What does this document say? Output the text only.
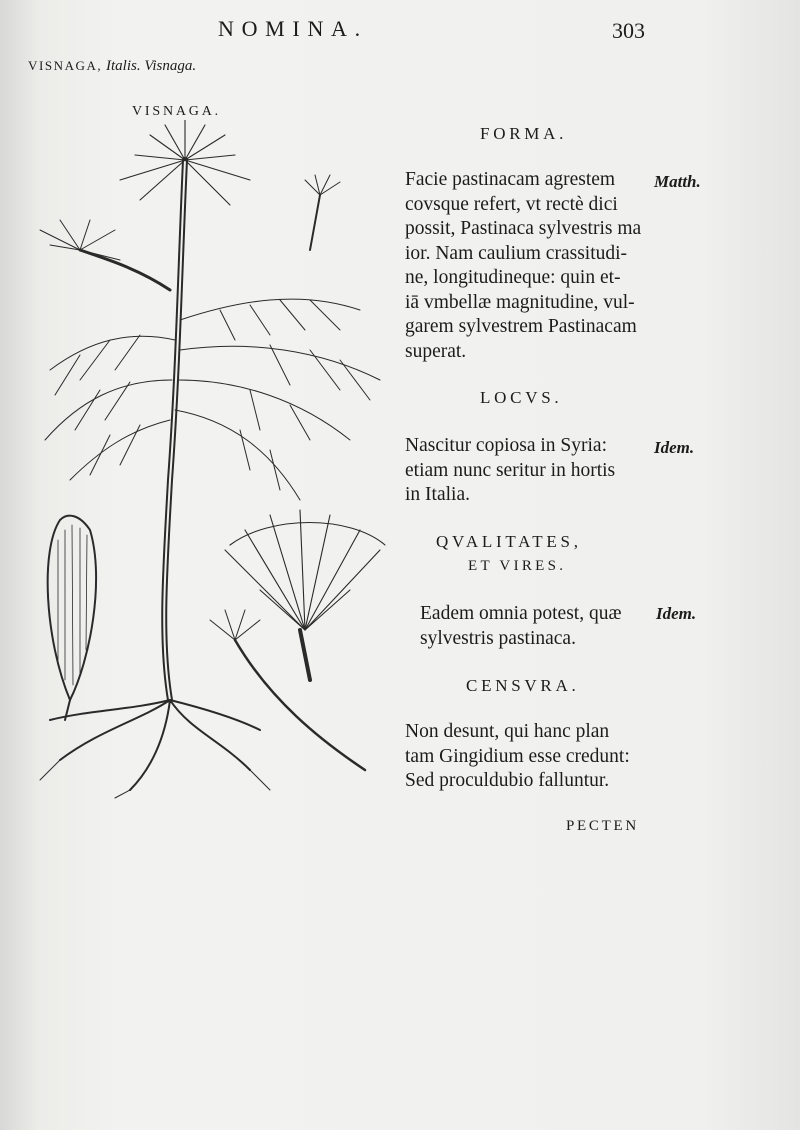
NOMINA.	303
VISNAGA, Italis. Visnaga.
VISNAGA.
FORMA.
Facie pastinacam agrestem
covsque refert, vt rectè dici
possit, Pastinaca sylvestris ma
ior. Nam caulium crassitudi-
ne, longitudineque: quin et-
iā vmbellæ magnitudine, vul-
garem sylvestrem Pastinacam
superat.
Matth.
LOCVS.
Nascitur copiosa in Syria:
etiam nunc seritur in hortis
in Italia.
Idem.
QVALITATES,
ET VIRES.
Eadem omnia potest, quæ
sylvestris pastinaca.
Idem.
CENSVRA.
Non desunt, qui hanc plan
tam Gingidium esse credunt:
Sed proculdubio falluntur.
PECTEN
